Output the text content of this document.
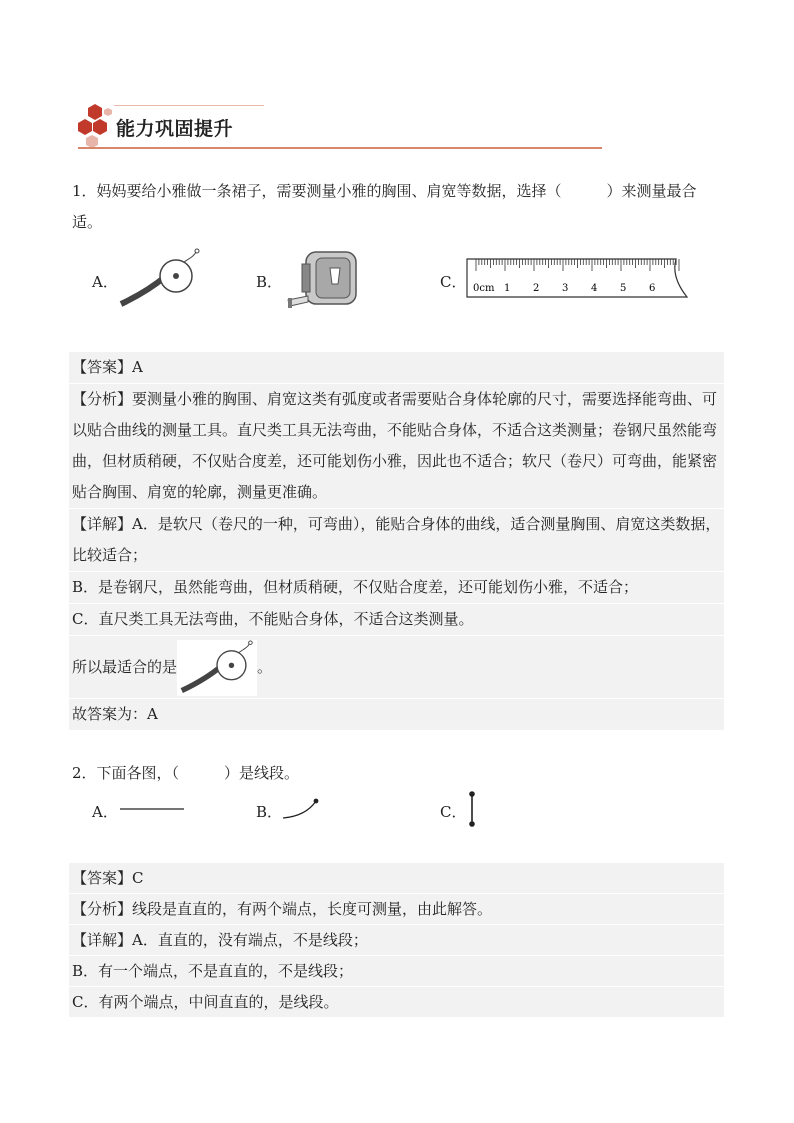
能力巩固提升
1．妈妈要给小雅做一条裙子，需要测量小雅的胸围、肩宽等数据，选择（　　　）来测量最合适。
A．	B．	C． 0cm 1 2 3 4 5 6
【答案】A
【分析】要测量小雅的胸围、肩宽这类有弧度或者需要贴合身体轮廓的尺寸，需要选择能弯曲、可以贴合曲线的测量工具。直尺类工具无法弯曲，不能贴合身体，不适合这类测量；卷钢尺虽然能弯曲，但材质稍硬，不仅贴合度差，还可能划伤小雅，因此也不适合；软尺（卷尺）可弯曲，能紧密贴合胸围、肩宽的轮廓，测量更准确。
【详解】A．是软尺（卷尺的一种，可弯曲），能贴合身体的曲线，适合测量胸围、肩宽这类数据，比较适合；
B．是卷钢尺，虽然能弯曲，但材质稍硬，不仅贴合度差，还可能划伤小雅，不适合；
C．直尺类工具无法弯曲，不能贴合身体，不适合这类测量。
所以最适合的是	。
故答案为：A
2．下面各图，（　　　）是线段。
A．	B．	C．
【答案】C
【分析】线段是直直的，有两个端点，长度可测量，由此解答。
【详解】A．直直的，没有端点，不是线段；
B．有一个端点，不是直直的，不是线段；
C．有两个端点，中间直直的，是线段。
